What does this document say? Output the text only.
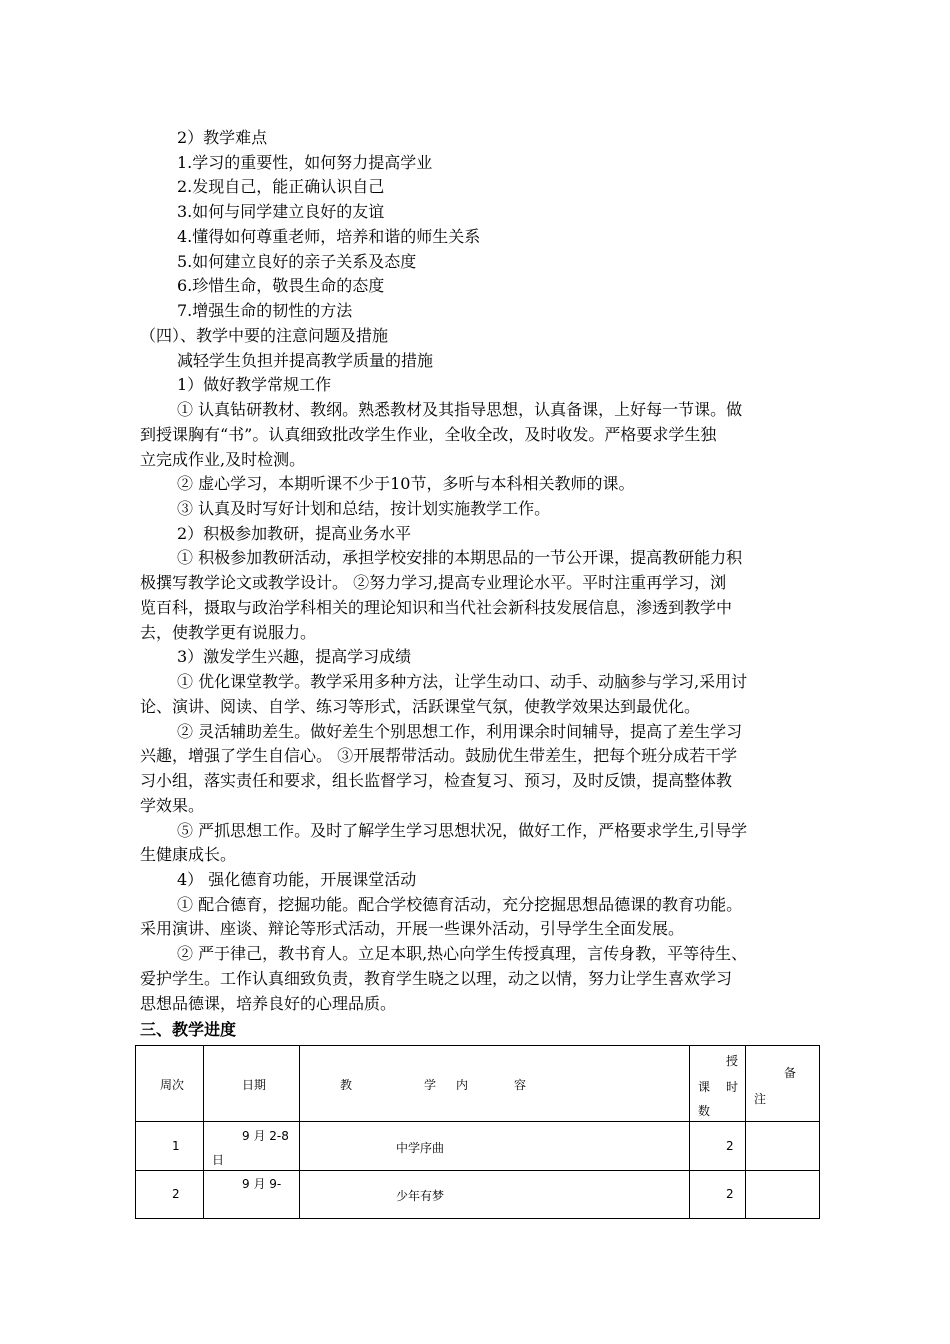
2）教学难点
1.学习的重要性，如何努力提高学业
2.发现自己，能正确认识自己
3.如何与同学建立良好的友谊
4.懂得如何尊重老师，培养和谐的师生关系
5.如何建立良好的亲子关系及态度
6.珍惜生命，敬畏生命的态度
7.增强生命的韧性的方法
（四）、教学中要的注意问题及措施
减轻学生负担并提高教学质量的措施
1）做好教学常规工作
① 认真钻研教材、教纲。熟悉教材及其指导思想，认真备课，上好每一节课。做
到授课胸有“书”。认真细致批改学生作业，全收全改，及时收发。严格要求学生独
立完成作业,及时检测。
② 虚心学习，本期听课不少于10节，多听与本科相关教师的课。
③ 认真及时写好计划和总结，按计划实施教学工作。
2）积极参加教研，提高业务水平
① 积极参加教研活动，承担学校安排的本期思品的一节公开课，提高教研能力积
极撰写教学论文或教学设计。 ②努力学习,提高专业理论水平。平时注重再学习，浏
览百科，摄取与政治学科相关的理论知识和当代社会新科技发展信息，渗透到教学中
去，使教学更有说服力。
3）激发学生兴趣，提高学习成绩
① 优化课堂教学。教学采用多种方法，让学生动口、动手、动脑参与学习,采用讨
论、演讲、阅读、自学、练习等形式，活跃课堂气氛，使教学效果达到最优化。
② 灵活辅助差生。做好差生个别思想工作，利用课余时间辅导，提高了差生学习
兴趣，增强了学生自信心。 ③开展帮带活动。鼓励优生带差生，把每个班分成若干学
习小组，落实责任和要求，组长监督学习，检查复习、预习，及时反馈，提高整体教
学效果。
⑤ 严抓思想工作。及时了解学生学习思想状况，做好工作，严格要求学生,引导学
生健康成长。
4） 强化德育功能，开展课堂活动
① 配合德育，挖掘功能。配合学校德育活动，充分挖掘思想品德课的教育功能。
采用演讲、座谈、辩论等形式活动，开展一些课外活动，引导学生全面发展。
② 严于律己，教书育人。立足本职,热心向学生传授真理，言传身教，平等待生、
爱护学生。工作认真细致负责，教育学生晓之以理，动之以情，努力让学生喜欢学习
思想品德课，培养良好的心理品质。
三、教学进度
周次	日期	教 学 内 容	授
课 时
数	备
注

1	9 月 2-8
日	中学序曲	2	

2	9 月 9-	少年有梦	2	
